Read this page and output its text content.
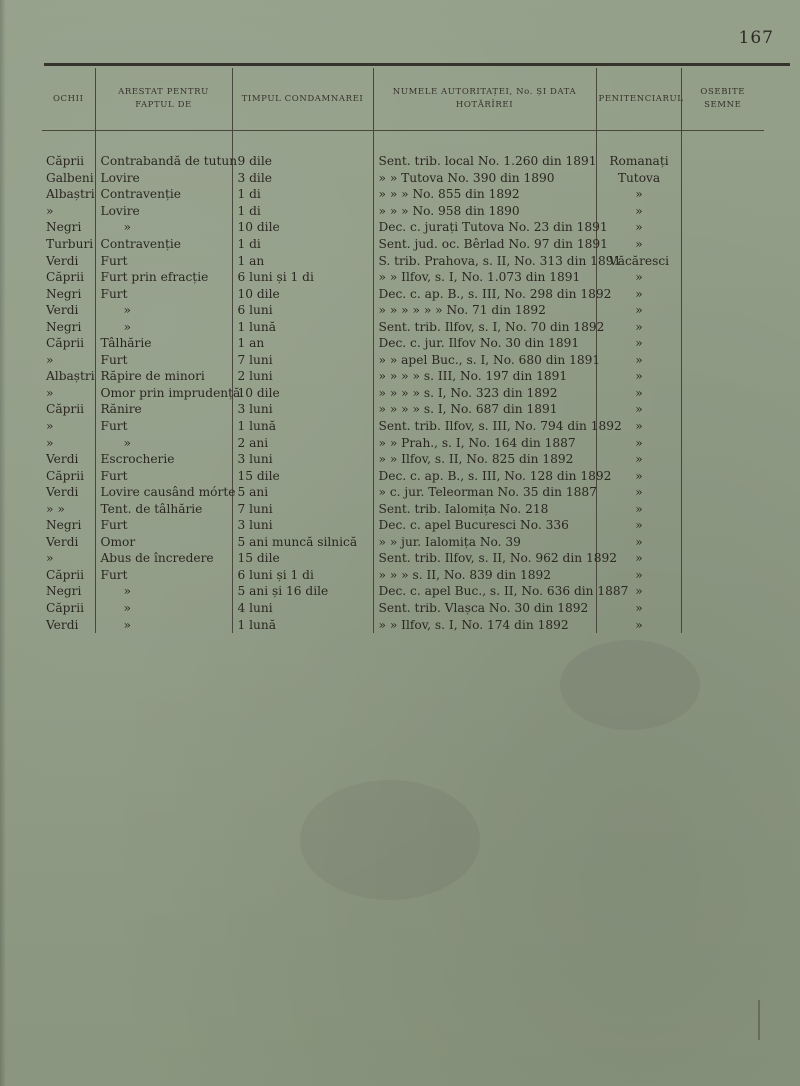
167
OCHII	ARESTAT PENTRU FAPTUL DE	TIMPUL CONDAMNAREI	NUMELE AUTORITAȚEI, No. ȘI DATA HOTĂRÎREI	PENITENCIARUL	OSEBITE SEMNE

Căprii	Contrabandă de tutun	9 dile	Sent. trib. local No. 1.260 din 1891	Romanați	
Galbeni	Lovire	3 dile	» » Tutova No. 390 din 1890	Tutova	
Albaștri	Contravenție	1 di	» » » No. 855 din 1892	»	
»	Lovire	1 di	» » » No. 958 din 1890	»	
Negri	»	10 dile	Dec. c. jurați Tutova No. 23 din 1891	»	
Turburi	Contravenție	1 di	Sent. jud. oc. Bêrlad No. 97 din 1891	»	
Verdi	Furt	1 an	S. trib. Prahova, s. II, No. 313 din 1891	Văcăresci	
Căprii	Furt prin efracție	6 luni și 1 di	» » Ilfov, s. I, No. 1.073 din 1891	»	
Negri	Furt	10 dile	Dec. c. ap. B., s. III, No. 298 din 1892	»	
Verdi	»	6 luni	» » » » » » No. 71 din 1892	»	
Negri	»	1 lună	Sent. trib. Ilfov, s. I, No. 70 din 1892	»	
Căprii	Tâlhărie	1 an	Dec. c. jur. Ilfov No. 30 din 1891	»	
»	Furt	7 luni	» » apel Buc., s. I, No. 680 din 1891	»	
Albaștri	Răpire de minori	2 luni	» » » » s. III, No. 197 din 1891	»	
»	Omor prin imprudență	10 dile	» » » » s. I, No. 323 din 1892	»	
Căprii	Rănire	3 luni	» » » » s. I, No. 687 din 1891	»	
»	Furt	1 lună	Sent. trib. Ilfov, s. III, No. 794 din 1892	»	
»	»	2 ani	» » Prah., s. I, No. 164 din 1887	»	
Verdi	Escrocherie	3 luni	» » Ilfov, s. II, No. 825 din 1892	»	
Căprii	Furt	15 dile	Dec. c. ap. B., s. III, No. 128 din 1892	»	
Verdi	Lovire causând mórte	5 ani	» c. jur. Teleorman No. 35 din 1887	»	
» »	Tent. de tâlhărie	7 luni	Sent. trib. Ialomița No. 218	»	
Negri	Furt	3 luni	Dec. c. apel Bucuresci No. 336	»	
Verdi	Omor	5 ani muncă silnică	» » jur. Ialomița No. 39	»	
»	Abus de încredere	15 dile	Sent. trib. Ilfov, s. II, No. 962 din 1892	»	
Căprii	Furt	6 luni și 1 di	» » » s. II, No. 839 din 1892	»	
Negri	»	5 ani și 16 dile	Dec. c. apel Buc., s. II, No. 636 din 1887	»	
Căprii	»	4 luni	Sent. trib. Vlașca No. 30 din 1892	»	
Verdi	»	1 lună	» » Ilfov, s. I, No. 174 din 1892	»	
